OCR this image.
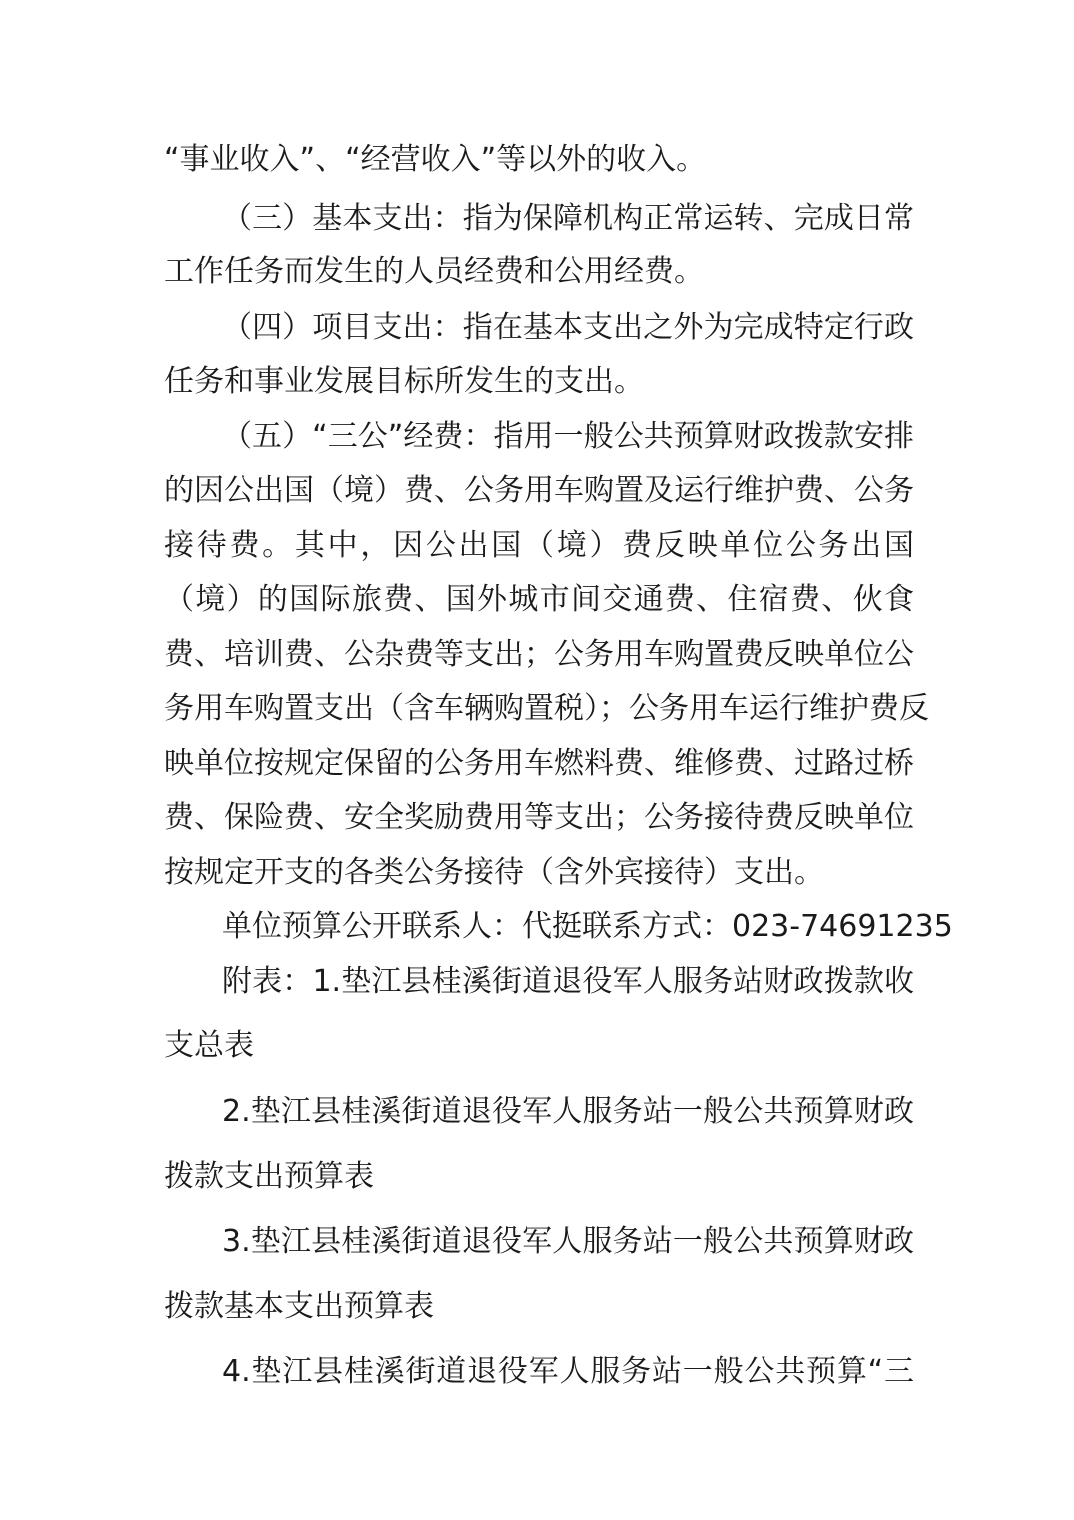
“事业收入”、“经营收入”等以外的收入。
（三）基本支出：指为保障机构正常运转、完成日常
工作任务而发生的人员经费和公用经费。
（四）项目支出：指在基本支出之外为完成特定行政
任务和事业发展目标所发生的支出。
（五）“三公”经费：指用一般公共预算财政拨款安排
的因公出国（境）费、公务用车购置及运行维护费、公务
接待费。其中，因公出国（境）费反映单位公务出国
（境）的国际旅费、国外城市间交通费、住宿费、伙食
费、培训费、公杂费等支出；公务用车购置费反映单位公
务用车购置支出（含车辆购置税）；公务用车运行维护费反
映单位按规定保留的公务用车燃料费、维修费、过路过桥
费、保险费、安全奖励费用等支出；公务接待费反映单位
按规定开支的各类公务接待（含外宾接待）支出。
单位预算公开联系人：代挺联系方式：023-74691235
附表：1.垫江县桂溪街道退役军人服务站财政拨款收
支总表
2.垫江县桂溪街道退役军人服务站一般公共预算财政
拨款支出预算表
3.垫江县桂溪街道退役军人服务站一般公共预算财政
拨款基本支出预算表
4.垫江县桂溪街道退役军人服务站一般公共预算“三
